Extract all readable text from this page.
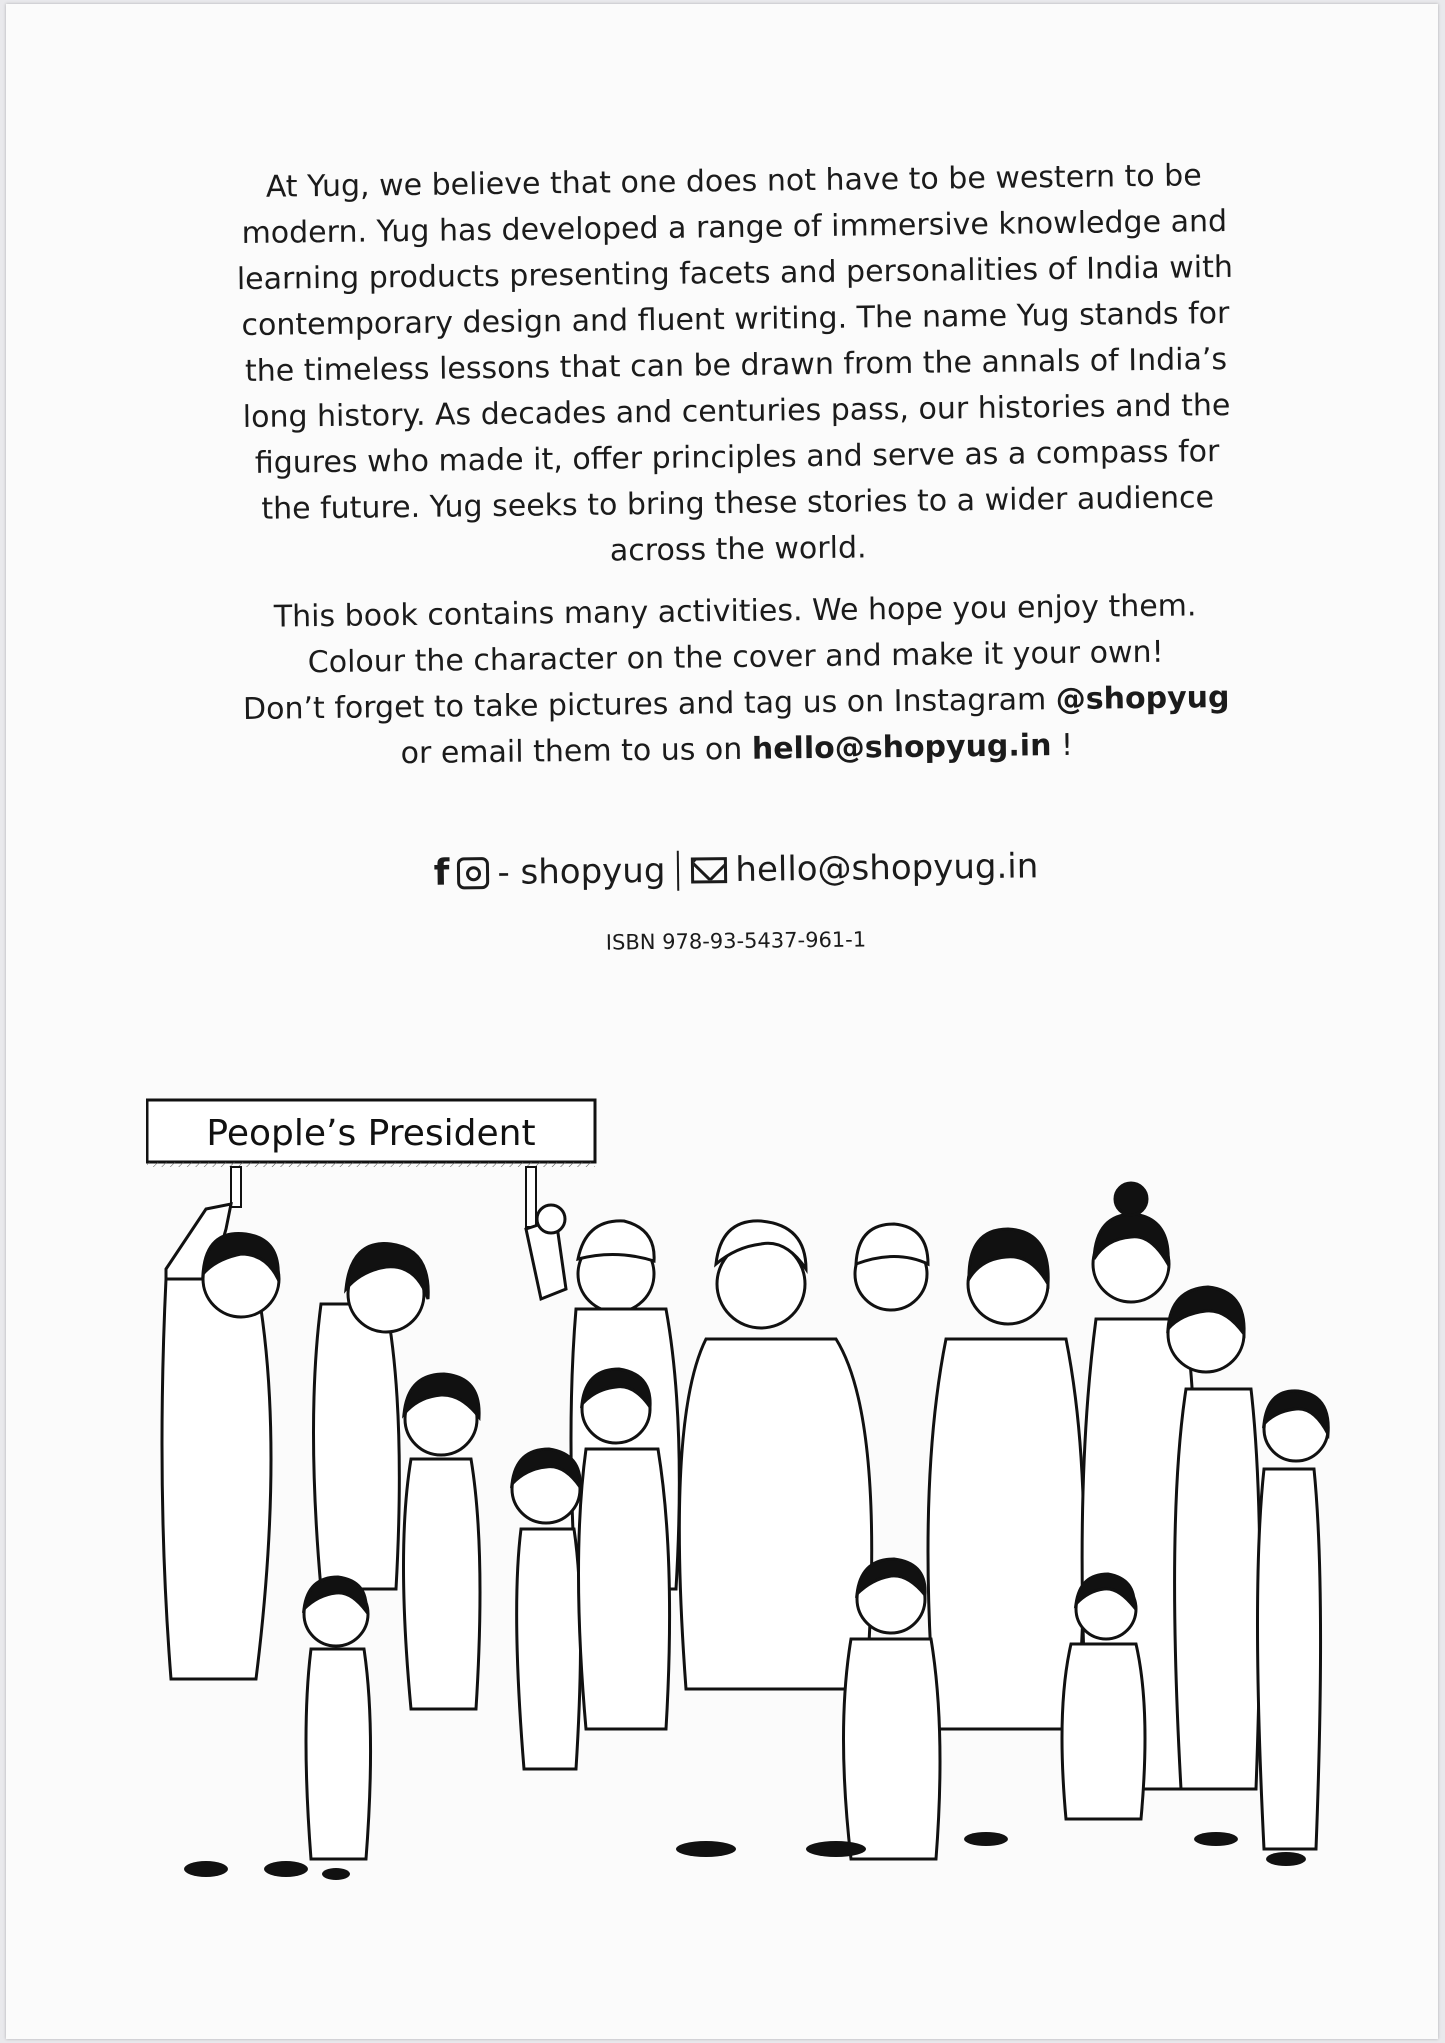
At Yug, we believe that one does not have to be western to be modern. Yug has developed a range of immersive knowledge and learning products presenting facets and personalities of India with contemporary design and fluent writing. The name Yug stands for the timeless lessons that can be drawn from the annals of India’s long history. As decades and centuries pass, our histories and the figures who made it, offer principles and serve as a compass for the future. Yug seeks to bring these stories to a wider audience across the world.

This book contains many activities. We hope you enjoy them.

Colour the character on the cover and make it your own!

Don’t forget to take pictures and tag us on Instagram @shopyug

or email them to us on hello@shopyug.in !

f - shopyug hello@shopyug.in
ISBN 978-93-5437-961-1
People’s President
